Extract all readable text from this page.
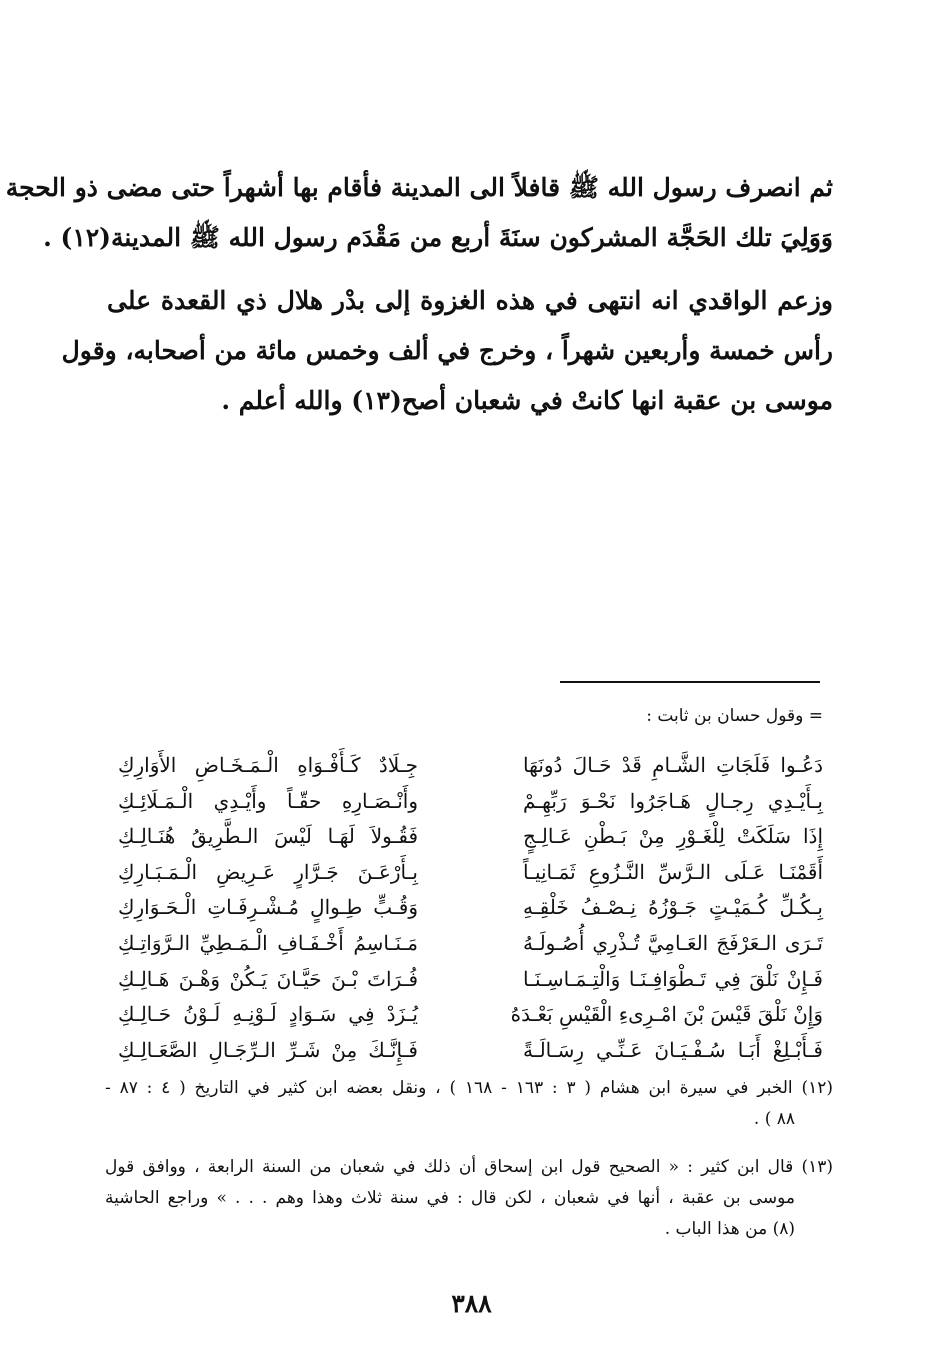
ثم انصرف رسول الله ﷺ قافلاً الى المدينة فأقام بها أشهراً حتى مضى ذو الحجة
وَوَلِيَ تلك الحَجَّة المشركون سنَةَ أربع من مَقْدَم رسول الله ﷺ المدينة(١٢) .
وزعم الواقدي انه انتهى في هذه الغزوة إلى بدْر هلال ذي القعدة على
رأس خمسة وأربعين شهراً ، وخرج في ألف وخمس مائة من أصحابه، وقول
موسى بن عقبة انها كانتْ في شعبان أصح(١٣) والله أعلم .
= وقول حسان بن ثابت :
دَعُـوا فَلَجَاتِ الشَّـامِ قَدْ حَـالَ دُونَهَا
جِـلَادٌ كَـأَفْـوَاهِ الْـمَـخَـاضِ الأَوَارِكِ
بِـأَيْـدِي رِجـالٍ هَـاجَرُوا نَحْـوَ رَبِّهِـمْ
وأَنْـصَـارِهِ حقّـاً وأَيْـدِي الْـمَـلَائِـكِ
إِذَا سَلَكَتْ لِلْغَـوْرِ مِنْ بَـطْنِ عَـالِـجٍ
فَقُـولاَ لَهَـا لَيْسَ الـطَّرِيقُ هُنَـالِـكِ
أَقَمْنَـا عَـلَى الـرَّسِّ النَّـزُوعِ ثَمَـانِيـاً
بِـأَرْعَـنَ جَـرَّارٍ عَـرِيضِ الْـمَـبَـارِكِ
بِـكُـلِّ كُـمَيْـتٍ جَـوْزُهُ نِـصْـفُ خَلْقِـهِ
وَقُـبٍّ طِـوالٍ مُـشْـرِفَـاتِ الْـحَـوَارِكِ
تَـرَى الـعَرْفَجَ العَـامِيَّ تُـذْرِي أُصُـولَـهُ
مَـنَـاسِمُ أَخْـفَـافِ الْـمَـطِيِّ الـرَّوَاتِـكِ
فَـإِنْ نَلْقَ فِي تَـطْوَافِـنَـا وَالْتِـمَـاسِـنَـا
فُـرَاتَ بْـنَ حَيَّـانَ يَـكُنْ وَهْـنَ هَـالِـكِ
وَإِنْ نَلْقَ قَيْسَ بْنَ امْـرِىءِ الْقَيْسِ بَعْـدَهُ
يُـزَدْ فِي سَـوَادٍ لَـوْنِـهِ لَـوْنُ حَـالِـكِ
فَـأَبْـلِغْ أَبَـا سُـفْـيَـانَ عَـنِّـي رِسَـالَـةً
فَـإِنَّـكَ مِنْ شَـرِّ الـرِّجَـالِ الصَّعَـالِـكِ
(١٢) الخبر في سيرة ابن هشام ( ٣ : ١٦٣ - ١٦٨ ) ، ونقل بعضه ابن كثير في التاريخ ( ٤ : ٨٧ -
٨٨ ) .
(١٣) قال ابن كثير : « الصحيح قول ابن إسحاق أن ذلك في شعبان من السنة الرابعة ، ووافق قول
موسى بن عقبة ، أنها في شعبان ، لكن قال : في سنة ثلاث وهذا وهم . . . » وراجع الحاشية
(٨) من هذا الباب .
٣٨٨
